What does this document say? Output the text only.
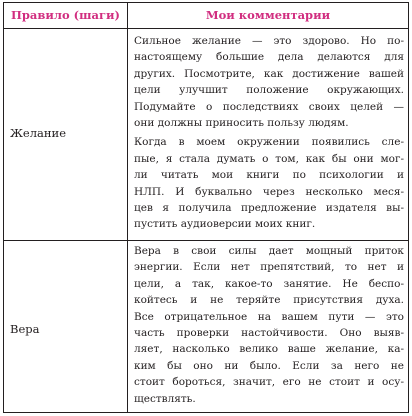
Правило (шаги)	Мои комментарии
Желание
Сильное желание — это здорово. Но по-
настоящему большие дела делаются для
других. Посмотрите, как достижение вашей
цели улучшит положение окружающих.
Подумайте о последствиях своих целей —
они должны приносить пользу людям.
Когда в моем окружении появились сле-
пые, я стала думать о том, как бы они мог-
ли читать мои книги по психологии и
НЛП. И буквально через несколько меся-
цев я получила предложение издателя вы-
пустить аудиоверсии моих книг.
Вера
Вера в свои силы дает мощный приток
энергии. Если нет препятствий, то нет и
цели, а так, какое-то занятие. Не беспо-
койтесь и не теряйте присутствия духа.
Все отрицательное на вашем пути — это
часть проверки настойчивости. Оно выяв-
ляет, насколько велико ваше желание, ка-
ким бы оно ни было. Если за него не
стоит бороться, значит, его не стоит и осу-
ществлять.
